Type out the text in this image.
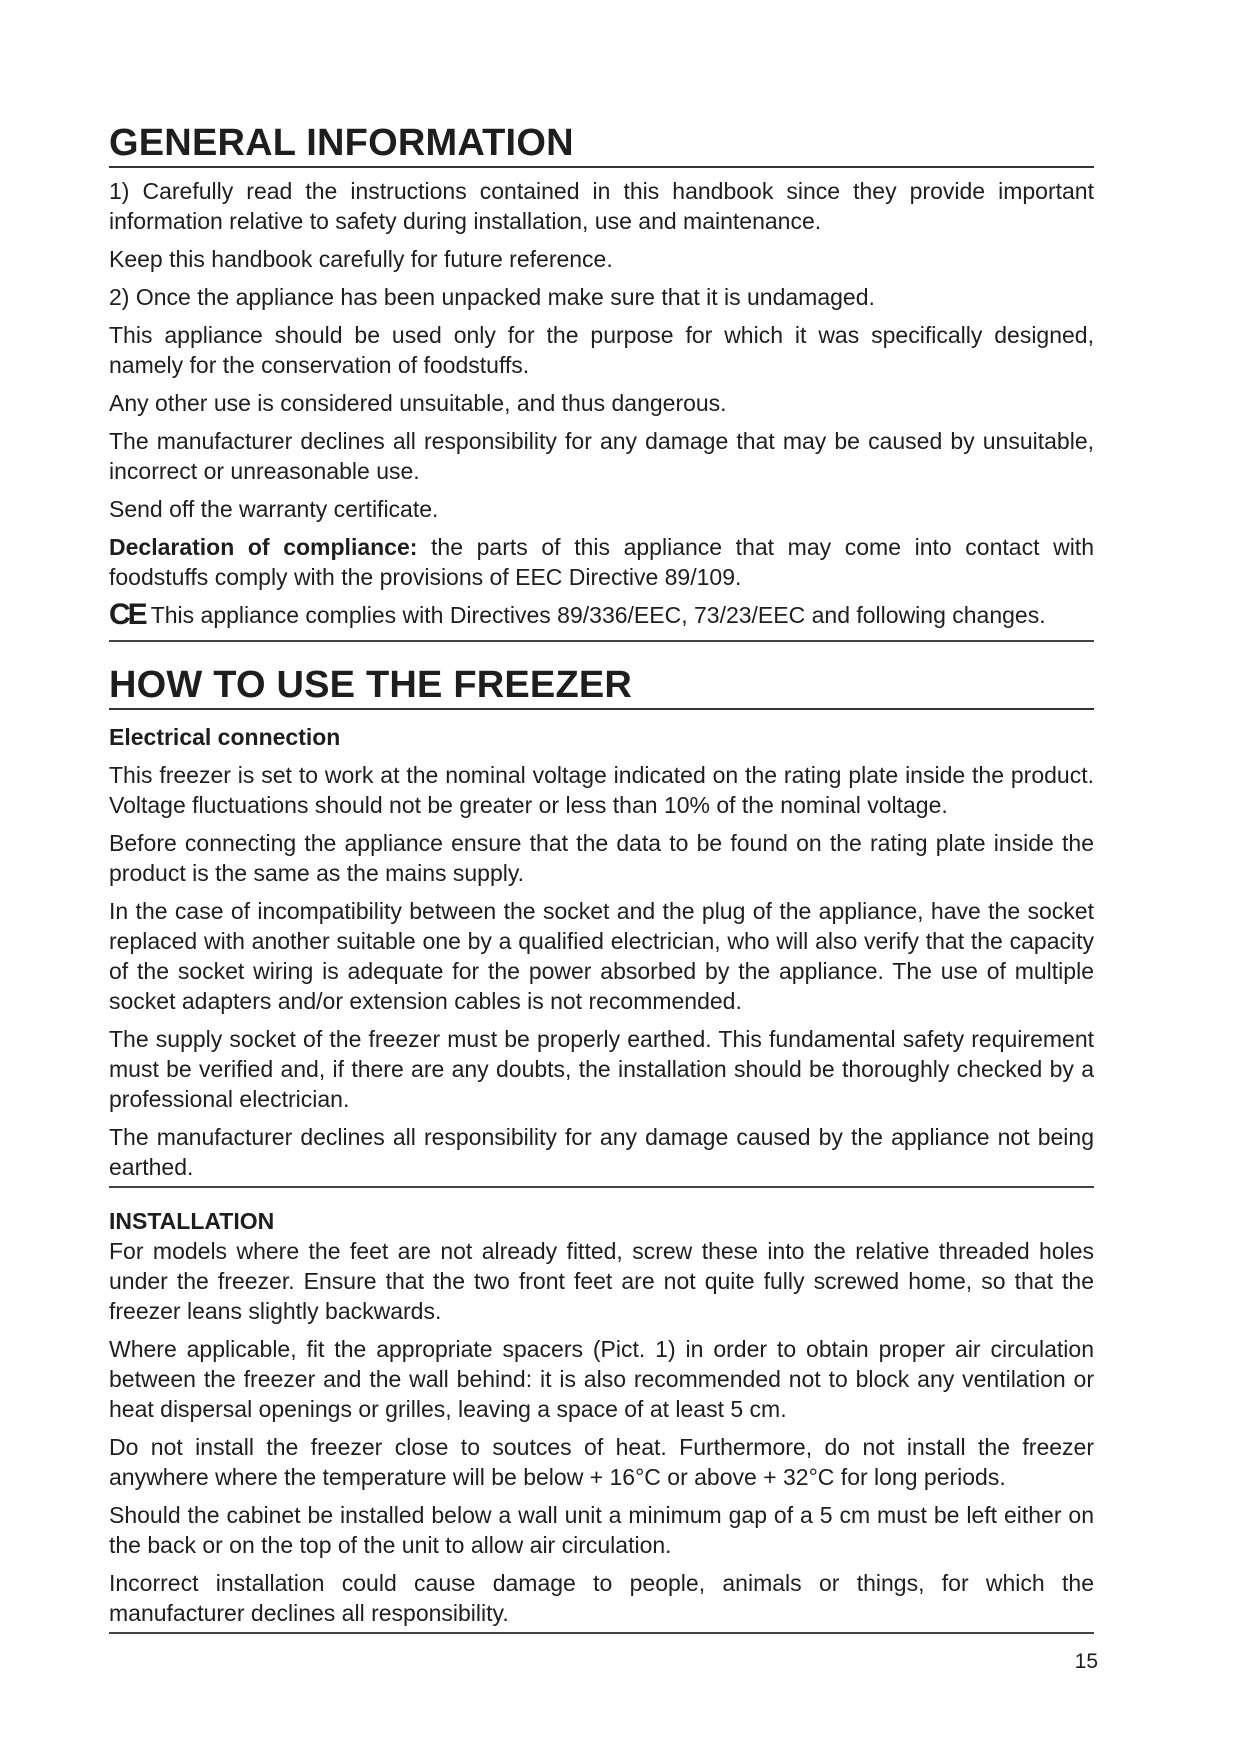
GENERAL INFORMATION

1) Carefully read the instructions contained in this handbook since they provide important information relative to safety during installation, use and maintenance.

Keep this handbook carefully for future reference.

2) Once the appliance has been unpacked make sure that it is undamaged.

This appliance should be used only for the purpose for which it was specifically designed, namely for the conservation of foodstuffs.

Any other use is considered unsuitable, and thus dangerous.

The manufacturer declines all responsibility for any damage that may be caused by unsuitable, incorrect or unreasonable use.

Send off the warranty certificate.

Declaration of compliance: the parts of this appliance that may come into contact with foodstuffs comply with the provisions of EEC Directive 89/109.

CE This appliance complies with Directives 89/336/EEC, 73/23/EEC and following changes.

HOW TO USE THE FREEZER
Electrical connection

This freezer is set to work at the nominal voltage indicated on the rating plate inside the product. Voltage fluctuations should not be greater or less than 10% of the nominal voltage.

Before connecting the appliance ensure that the data to be found on the rating plate inside the product is the same as the mains supply.

In the case of incompatibility between the socket and the plug of the appliance, have the socket replaced with another suitable one by a qualified electrician, who will also verify that the capacity of the socket wiring is adequate for the power absorbed by the appliance. The use of multiple socket adapters and/or extension cables is not recommended.

The supply socket of the freezer must be properly earthed. This fundamental safety requirement must be verified and, if there are any doubts, the installation should be thoroughly checked by a professional electrician.

The manufacturer declines all responsibility for any damage caused by the appliance not being earthed.

INSTALLATION

For models where the feet are not already fitted, screw these into the relative threaded holes under the freezer. Ensure that the two front feet are not quite fully screwed home, so that the freezer leans slightly backwards.

Where applicable, fit the appropriate spacers (Pict. 1) in order to obtain proper air circulation between the freezer and the wall behind: it is also recommended not to block any ventilation or heat dispersal openings or grilles, leaving a space of at least 5 cm.

Do not install the freezer close to soutces of heat. Furthermore, do not install the freezer anywhere where the temperature will be below + 16°C or above + 32°C for long periods.

Should the cabinet be installed below a wall unit a minimum gap of a 5 cm must be left either on the back or on the top of the unit to allow air circulation.

Incorrect installation could cause damage to people, animals or things, for which the manufacturer declines all responsibility.

15
